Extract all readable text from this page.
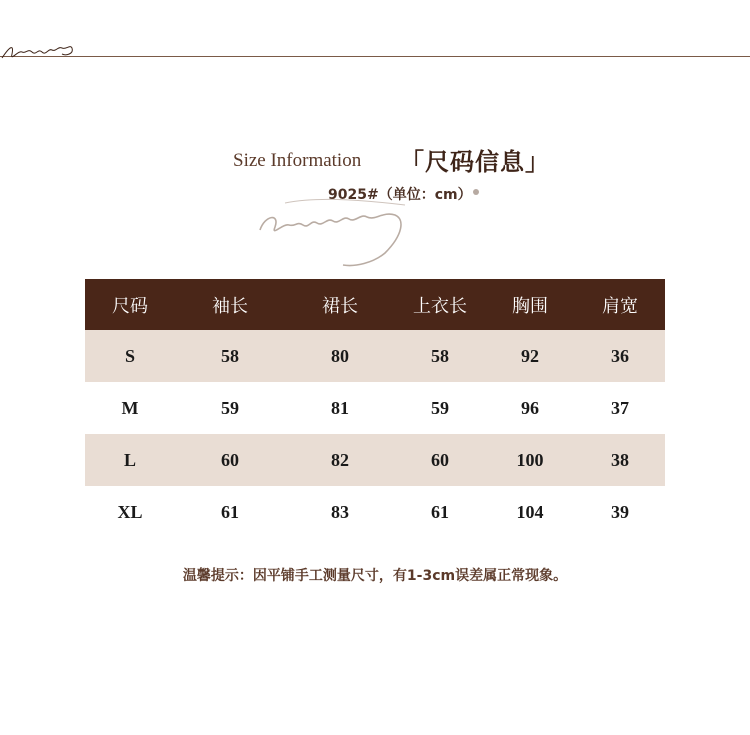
Size Information 「尺码信息」
9025#（单位：cm）
尺码	袖长	裙长	上衣长	胸围	肩宽
S	58	80	58	92	36
M	59	81	59	96	37
L	60	82	60	100	38
XL	61	83	61	104	39
温馨提示：因平铺手工测量尺寸，有1-3cm误差属正常现象。
